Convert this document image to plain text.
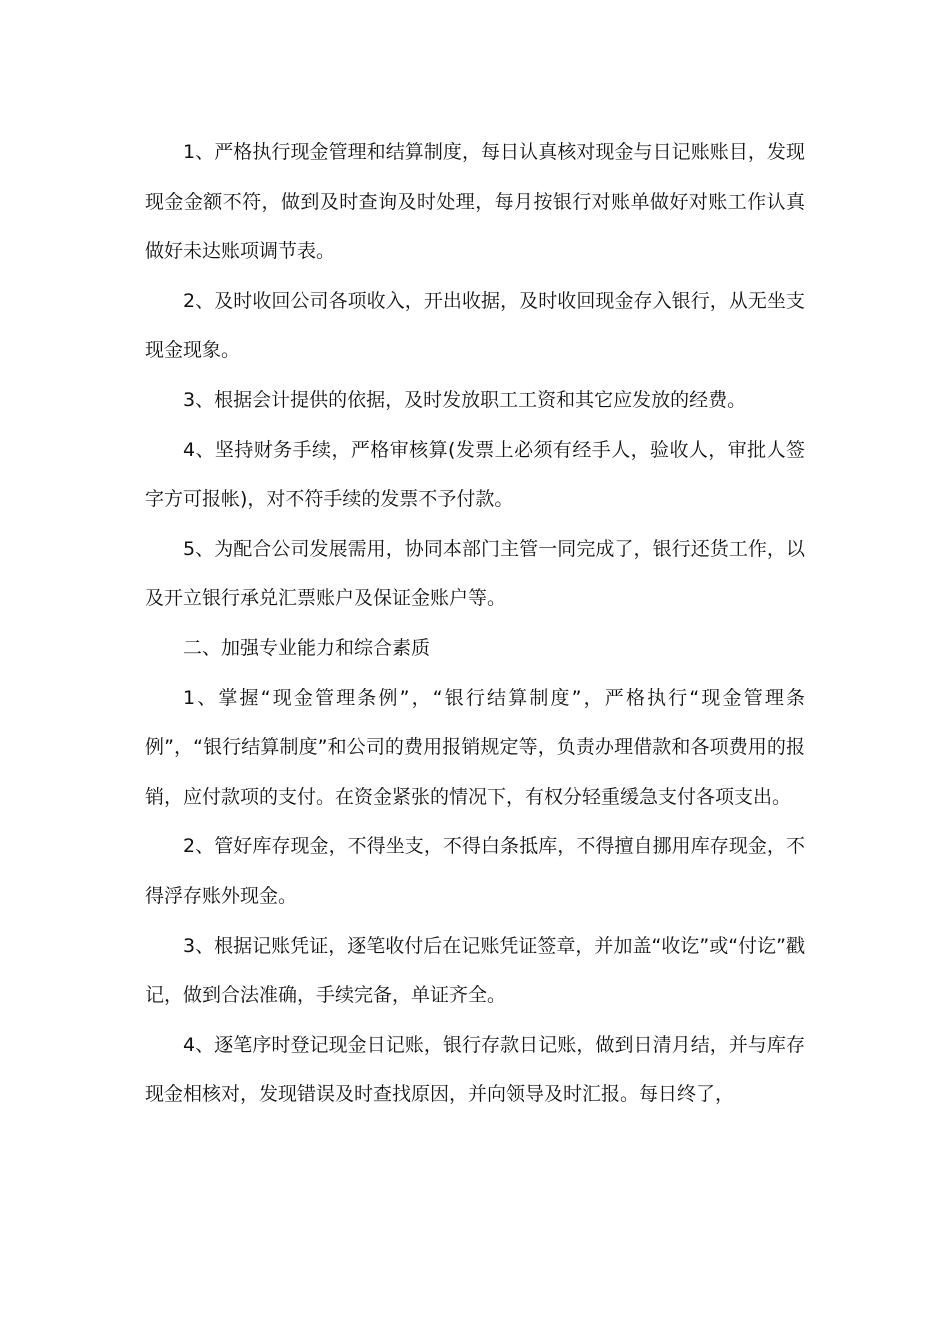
1、严格执行现金管理和结算制度，每日认真核对现金与日记账账目，发现现金金额不符，做到及时查询及时处理，每月按银行对账单做好对账工作认真做好未达账项调节表。

2、及时收回公司各项收入，开出收据，及时收回现金存入银行，从无坐支现金现象。

3、根据会计提供的依据，及时发放职工工资和其它应发放的经费。

4、坚持财务手续，严格审核算(发票上必须有经手人，验收人，审批人签字方可报帐)，对不符手续的发票不予付款。

5、为配合公司发展需用，协同本部门主管一同完成了，银行还货工作，以及开立银行承兑汇票账户及保证金账户等。

二、加强专业能力和综合素质

1、掌握“现金管理条例”，“银行结算制度”，严格执行“现金管理条例”，“银行结算制度”和公司的费用报销规定等，负责办理借款和各项费用的报销，应付款项的支付。在资金紧张的情况下，有权分轻重缓急支付各项支出。

2、管好库存现金，不得坐支，不得白条抵库，不得擅自挪用库存现金，不得浮存账外现金。

3、根据记账凭证，逐笔收付后在记账凭证签章，并加盖“收讫”或“付讫”戳记，做到合法准确，手续完备，单证齐全。

4、逐笔序时登记现金日记账，银行存款日记账，做到日清月结，并与库存现金相核对，发现错误及时查找原因，并向领导及时汇报。每日终了，
